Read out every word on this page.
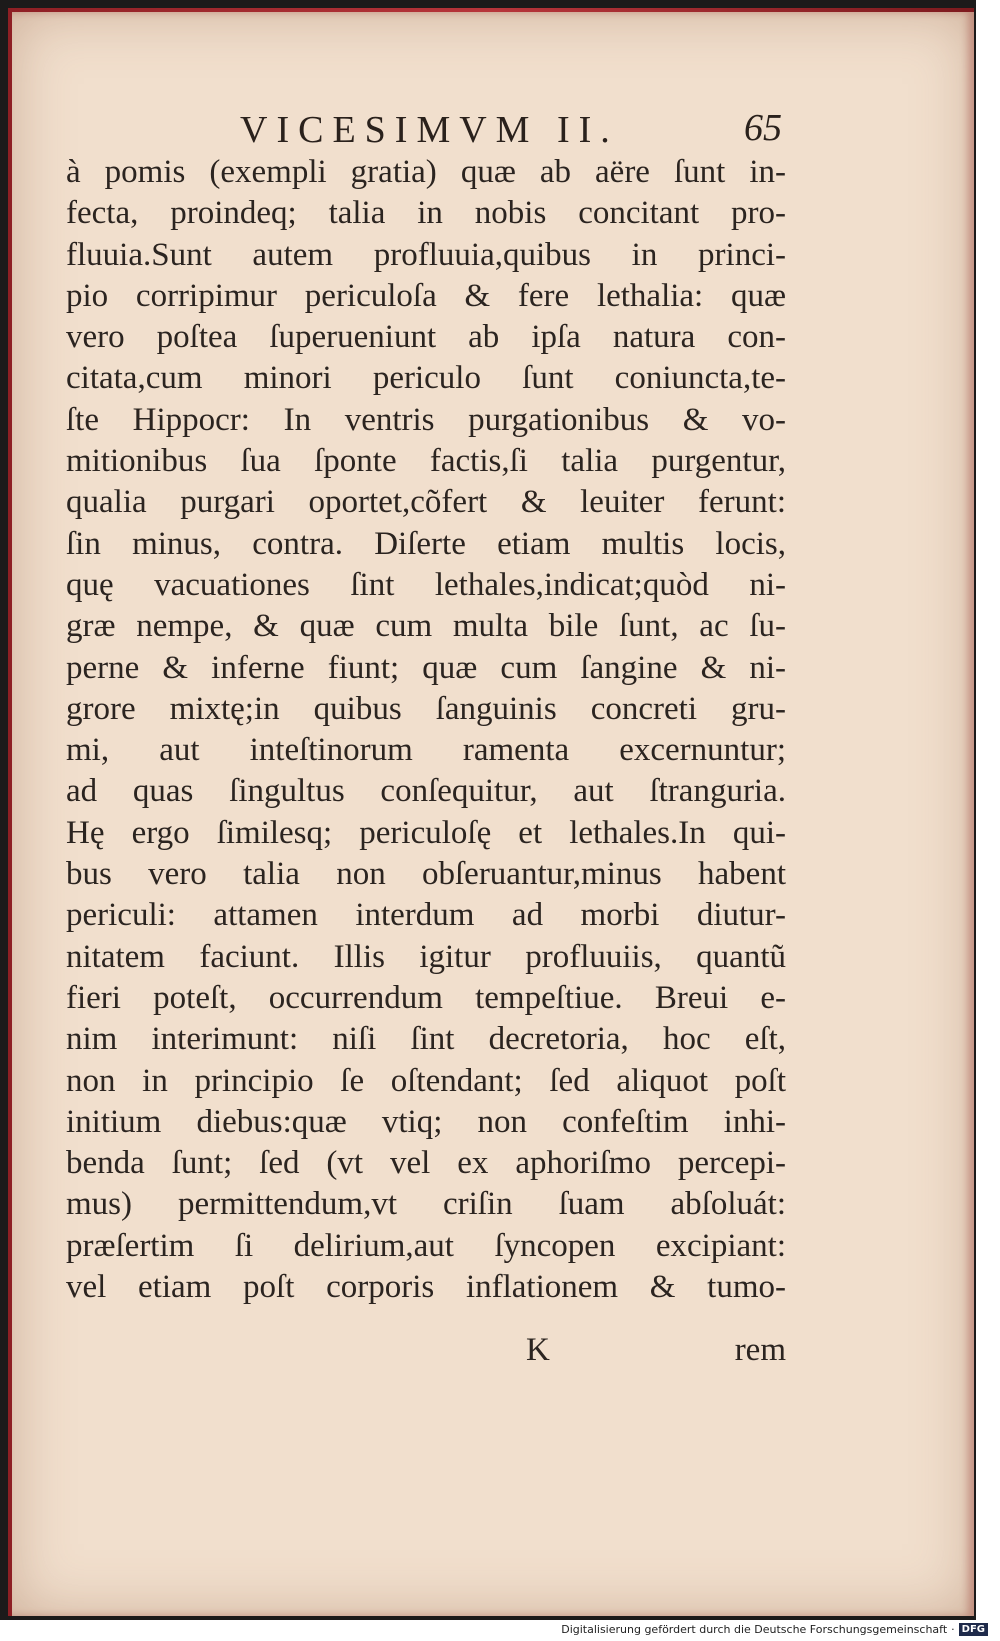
VICESIMVM II.	65
à pomis (exempli gratia) quæ ab aëre ſunt in-
fecta, proindeq; talia in nobis concitant pro-
fluuia.Sunt autem profluuia,quibus in princi-
pio corripimur periculoſa & fere lethalia: quæ
vero poſtea ſuperueniunt ab ipſa natura con-
citata,cum minori periculo ſunt coniuncta,te-
ſte Hippocr: In ventris purgationibus & vo-
mitionibus ſua ſponte factis,ſi talia purgentur,
qualia purgari oportet,cõfert & leuiter ferunt:
ſin minus, contra. Diſerte etiam multis locis,
quę vacuationes ſint lethales,indicat;quòd ni-
græ nempe, & quæ cum multa bile ſunt, ac ſu-
perne & inferne fiunt; quæ cum ſangine & ni-
grore mixtę;in quibus ſanguinis concreti gru-
mi, aut inteſtinorum ramenta excernuntur;
ad quas ſingultus conſequitur, aut ſtranguria.
Hę ergo ſimilesq; periculoſę et lethales.In qui-
bus vero talia non obſeruantur,minus habent
periculi: attamen interdum ad morbi diutur-
nitatem faciunt. Illis igitur profluuiis, quantũ
fieri poteſt, occurrendum tempeſtiue. Breui e-
nim interimunt: niſi ſint decretoria, hoc eſt,
non in principio ſe oſtendant; ſed aliquot poſt
initium diebus:quæ vtiq; non confeſtim inhi-
benda ſunt; ſed (vt vel ex aphoriſmo percepi-
mus) permittendum,vt criſin ſuam abſoluát:
præſertim ſi delirium,aut ſyncopen excipiant:
vel etiam poſt corporis inflationem & tumo-
K	rem
Digitalisierung gefördert durch die Deutsche Forschungsgemeinschaft · DFG
